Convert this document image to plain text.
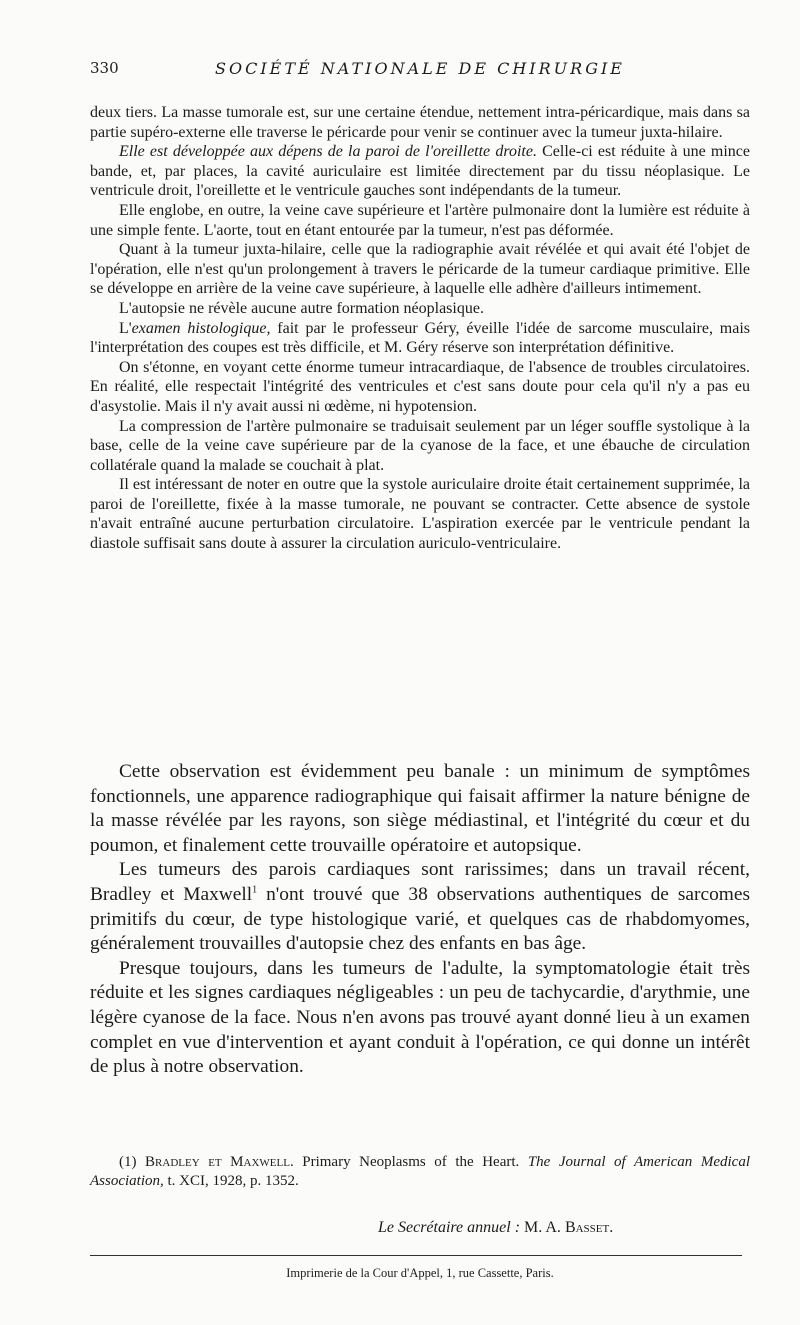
330	SOCIÉTÉ NATIONALE DE CHIRURGIE

deux tiers. La masse tumorale est, sur une certaine étendue, nettement intra-péricardique, mais dans sa partie supéro-externe elle traverse le péricarde pour venir se continuer avec la tumeur juxta-hilaire.

Elle est développée aux dépens de la paroi de l'oreillette droite. Celle-ci est réduite à une mince bande, et, par places, la cavité auriculaire est limitée directement par du tissu néoplasique. Le ventricule droit, l'oreillette et le ventricule gauches sont indépendants de la tumeur.

Elle englobe, en outre, la veine cave supérieure et l'artère pulmonaire dont la lumière est réduite à une simple fente. L'aorte, tout en étant entourée par la tumeur, n'est pas déformée.

Quant à la tumeur juxta-hilaire, celle que la radiographie avait révélée et qui avait été l'objet de l'opération, elle n'est qu'un prolongement à travers le péricarde de la tumeur cardiaque primitive. Elle se développe en arrière de la veine cave supérieure, à laquelle elle adhère d'ailleurs intimement.

L'autopsie ne révèle aucune autre formation néoplasique.

L'examen histologique, fait par le professeur Géry, éveille l'idée de sarcome musculaire, mais l'interprétation des coupes est très difficile, et M. Géry réserve son interprétation définitive.

On s'étonne, en voyant cette énorme tumeur intracardiaque, de l'absence de troubles circulatoires. En réalité, elle respectait l'intégrité des ventricules et c'est sans doute pour cela qu'il n'y a pas eu d'asystolie. Mais il n'y avait aussi ni œdème, ni hypotension.

La compression de l'artère pulmonaire se traduisait seulement par un léger souffle systolique à la base, celle de la veine cave supérieure par de la cyanose de la face, et une ébauche de circulation collatérale quand la malade se couchait à plat.

Il est intéressant de noter en outre que la systole auriculaire droite était certainement supprimée, la paroi de l'oreillette, fixée à la masse tumorale, ne pouvant se contracter. Cette absence de systole n'avait entraîné aucune perturbation circulatoire. L'aspiration exercée par le ventricule pendant la diastole suffisait sans doute à assurer la circulation auriculo-ventriculaire.

Cette observation est évidemment peu banale : un minimum de symptômes fonctionnels, une apparence radiographique qui faisait affirmer la nature bénigne de la masse révélée par les rayons, son siège médiastinal, et l'intégrité du cœur et du poumon, et finalement cette trouvaille opératoire et autopsique.

Les tumeurs des parois cardiaques sont rarissimes; dans un travail récent, Bradley et Maxwell$^1$ n'ont trouvé que 38 observations authentiques de sarcomes primitifs du cœur, de type histologique varié, et quelques cas de rhabdomyomes, généralement trouvailles d'autopsie chez des enfants en bas âge.

Presque toujours, dans les tumeurs de l'adulte, la symptomatologie était très réduite et les signes cardiaques négligeables : un peu de tachycardie, d'arythmie, une légère cyanose de la face. Nous n'en avons pas trouvé ayant donné lieu à un examen complet en vue d'intervention et ayant conduit à l'opération, ce qui donne un intérêt de plus à notre observation.

(1) Bradley et Maxwell. Primary Neoplasms of the Heart. The Journal of American Medical Association, t. XCI, 1928, p. 1352.
Le Secrétaire annuel : M. A. Basset.
Imprimerie de la Cour d'Appel, 1, rue Cassette, Paris.
